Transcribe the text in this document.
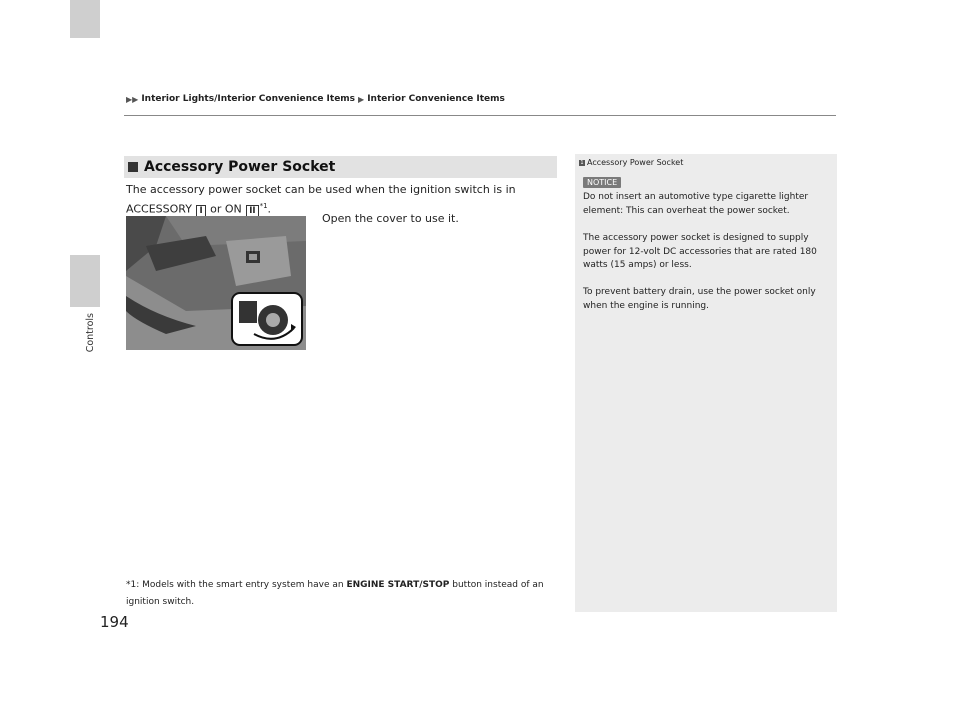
Controls
▶▶ Interior Lights/Interior Convenience Items ▶ Interior Convenience Items
Accessory Power Socket
The accessory power socket can be used when the ignition switch is in ACCESSORY I or ON II $^{*1}$.
Open the cover to use it.
*1: Models with the smart entry system have an ENGINE START/STOP button instead of an ignition switch.
1 Accessory Power Socket
NOTICE
Do not insert an automotive type cigarette lighter element: This can overheat the power socket.
The accessory power socket is designed to supply power for 12-volt DC accessories that are rated 180 watts (15 amps) or less.
To prevent battery drain, use the power socket only when the engine is running.
194
